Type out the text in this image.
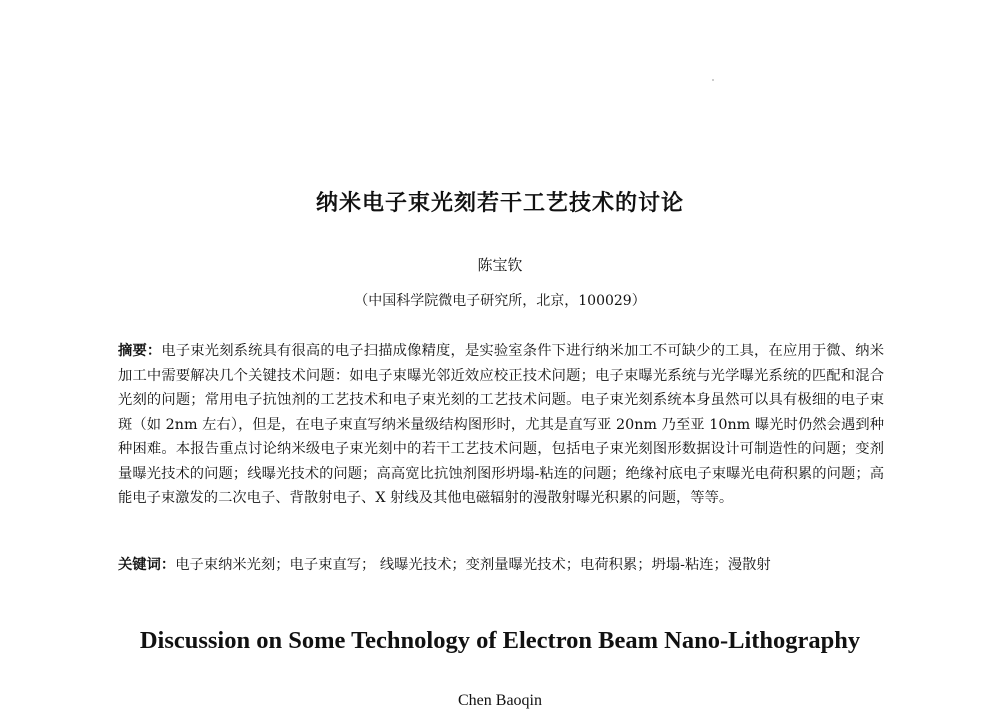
纳米电子束光刻若干工艺技术的讨论
陈宝钦
（中国科学院微电子研究所，北京，100029）
摘要：电子束光刻系统具有很高的电子扫描成像精度，是实验室条件下进行纳米加工不可缺少的工具，在应用于微、纳米加工中需要解决几个关键技术问题：如电子束曝光邻近效应校正技术问题；电子束曝光系统与光学曝光系统的匹配和混合光刻的问题；常用电子抗蚀剂的工艺技术和电子束光刻的工艺技术问题。电子束光刻系统本身虽然可以具有极细的电子束斑（如 2nm 左右），但是，在电子束直写纳米量级结构图形时，尤其是直写亚 20nm 乃至亚 10nm 曝光时仍然会遇到种种困难。本报告重点讨论纳米级电子束光刻中的若干工艺技术问题，包括电子束光刻图形数据设计可制造性的问题；变剂量曝光技术的问题；线曝光技术的问题；高高宽比抗蚀剂图形坍塌-粘连的问题；绝缘衬底电子束曝光电荷积累的问题；高能电子束激发的二次电子、背散射电子、X 射线及其他电磁辐射的漫散射曝光积累的问题，等等。
关键词：电子束纳米光刻；电子束直写； 线曝光技术；变剂量曝光技术；电荷积累；坍塌-粘连；漫散射
Discussion on Some Technology of Electron Beam Nano-Lithography
Chen Baoqin
